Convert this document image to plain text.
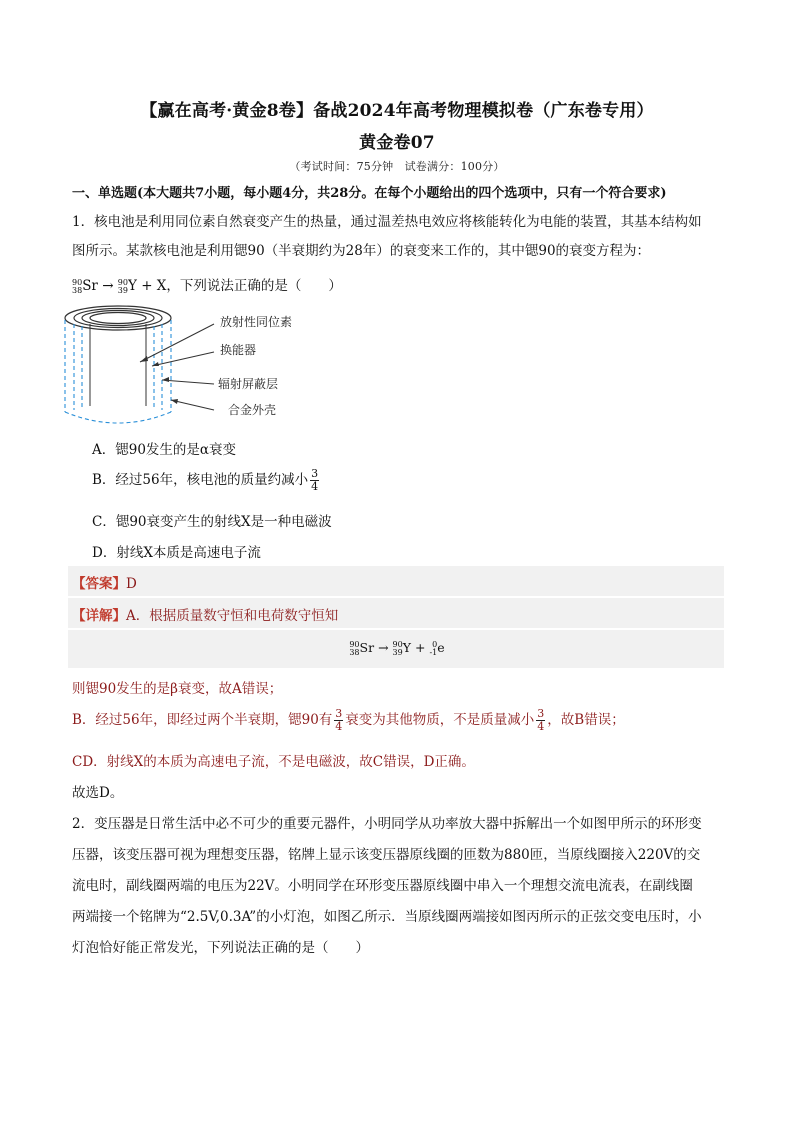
【赢在高考·黄金8卷】备战2024年高考物理模拟卷（广东卷专用）
黄金卷07
（考试时间：75分钟　试卷满分：100分）
一、单选题(本大题共7小题，每小题4分，共28分。在每个小题给出的四个选项中，只有一个符合要求)
1．核电池是利用同位素自然衰变产生的热量，通过温差热电效应将核能转化为电能的装置，其基本结构如
图所示。某款核电池是利用锶90（半衰期约为28年）的衰变来工作的，其中锶90的衰变方程为：
90
38 Sr → 90
39 Y + X，下列说法正确的是（　　）
放射性同位素
换能器
辐射屏蔽层
合金外壳
A．锶90发生的是α衰变
B．经过56年，核电池的质量约减小 $\frac{3}{4}$
C．锶90衰变产生的射线X是一种电磁波
D．射线X本质是高速电子流
【答案】D
【详解】A．根据质量数守恒和电荷数守恒知
90
38 Sr → 90
39 Y + 0
-1 e
则锶90发生的是β衰变，故A错误；
B．经过56年，即经过两个半衰期，锶90有 $\frac{3}{4}$ 衰变为其他物质，不是质量减小 $\frac{3}{4}$ ，故B错误；
CD．射线X的本质为高速电子流，不是电磁波，故C错误，D正确。
故选D。
2．变压器是日常生活中必不可少的重要元器件，小明同学从功率放大器中拆解出一个如图甲所示的环形变
压器，该变压器可视为理想变压器，铭牌上显示该变压器原线圈的匝数为880匝，当原线圈接入220V的交
流电时，副线圈两端的电压为22V。小明同学在环形变压器原线圈中串入一个理想交流电流表，在副线圈
两端接一个铭牌为“2.5V,0.3A”的小灯泡，如图乙所示．当原线圈两端接如图丙所示的正弦交变电压时，小
灯泡恰好能正常发光，下列说法正确的是（　　）
